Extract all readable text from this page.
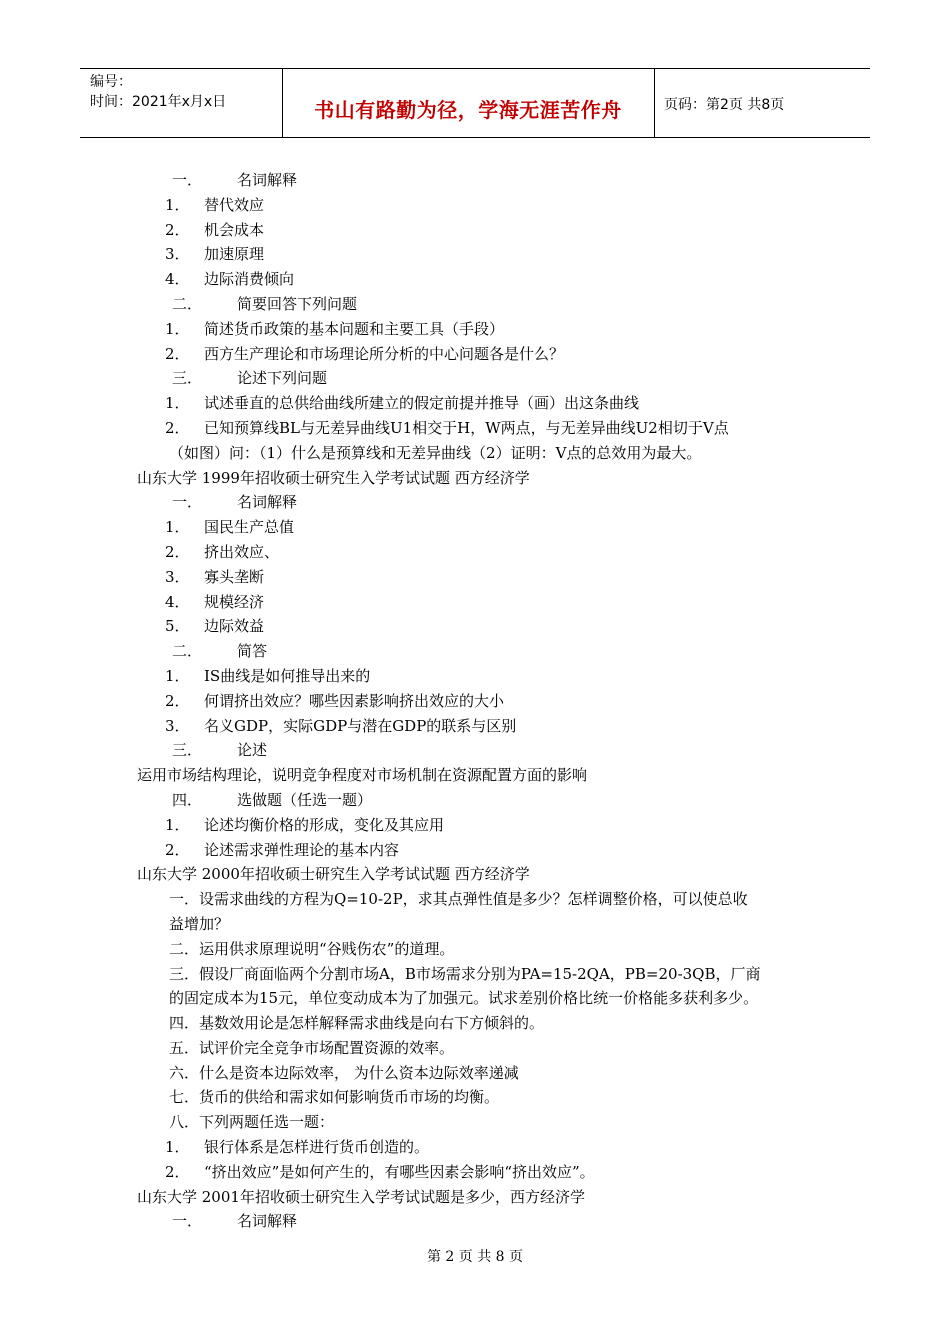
编号：
时间：2021年x月x日	书山有路勤为径，学海无涯苦作舟	页码：第2页 共8页
一． 名词解释
1． 替代效应
2． 机会成本
3． 加速原理
4． 边际消费倾向
二． 简要回答下列问题
1． 简述货币政策的基本问题和主要工具（手段）
2． 西方生产理论和市场理论所分析的中心问题各是什么？
三． 论述下列问题
1． 试述垂直的总供给曲线所建立的假定前提并推导（画）出这条曲线
2． 已知预算线BL与无差异曲线U1相交于H，W两点，与无差异曲线U2相切于V点
（如图）问：（1）什么是预算线和无差异曲线（2）证明：V点的总效用为最大。
山东大学 1999年招收硕士研究生入学考试试题 西方经济学
一． 名词解释
1． 国民生产总值
2． 挤出效应、
3． 寡头垄断
4． 规模经济
5． 边际效益
二． 简答
1． IS曲线是如何推导出来的
2． 何谓挤出效应？哪些因素影响挤出效应的大小
3． 名义GDP，实际GDP与潜在GDP的联系与区别
三． 论述
运用市场结构理论，说明竞争程度对市场机制在资源配置方面的影响
四． 选做题（任选一题）
1． 论述均衡价格的形成，变化及其应用
2． 论述需求弹性理论的基本内容
山东大学 2000年招收硕士研究生入学考试试题 西方经济学
一．设需求曲线的方程为Q=10-2P，求其点弹性值是多少？怎样调整价格，可以使总收
益增加？
二．运用供求原理说明“谷贱伤农”的道理。
三．假设厂商面临两个分割市场A，B市场需求分别为PA=15-2QA，PB=20-3QB，厂商
的固定成本为15元，单位变动成本为了加强元。试求差别价格比统一价格能多获利多少。
四．基数效用论是怎样解释需求曲线是向右下方倾斜的。
五．试评价完全竞争市场配置资源的效率。
六．什么是资本边际效率， 为什么资本边际效率递减
七．货币的供给和需求如何影响货币市场的均衡。
八．下列两题任选一题：
1． 银行体系是怎样进行货币创造的。
2． “挤出效应”是如何产生的，有哪些因素会影响“挤出效应”。
山东大学 2001年招收硕士研究生入学考试试题是多少，西方经济学
一． 名词解释
第 2 页 共 8 页
